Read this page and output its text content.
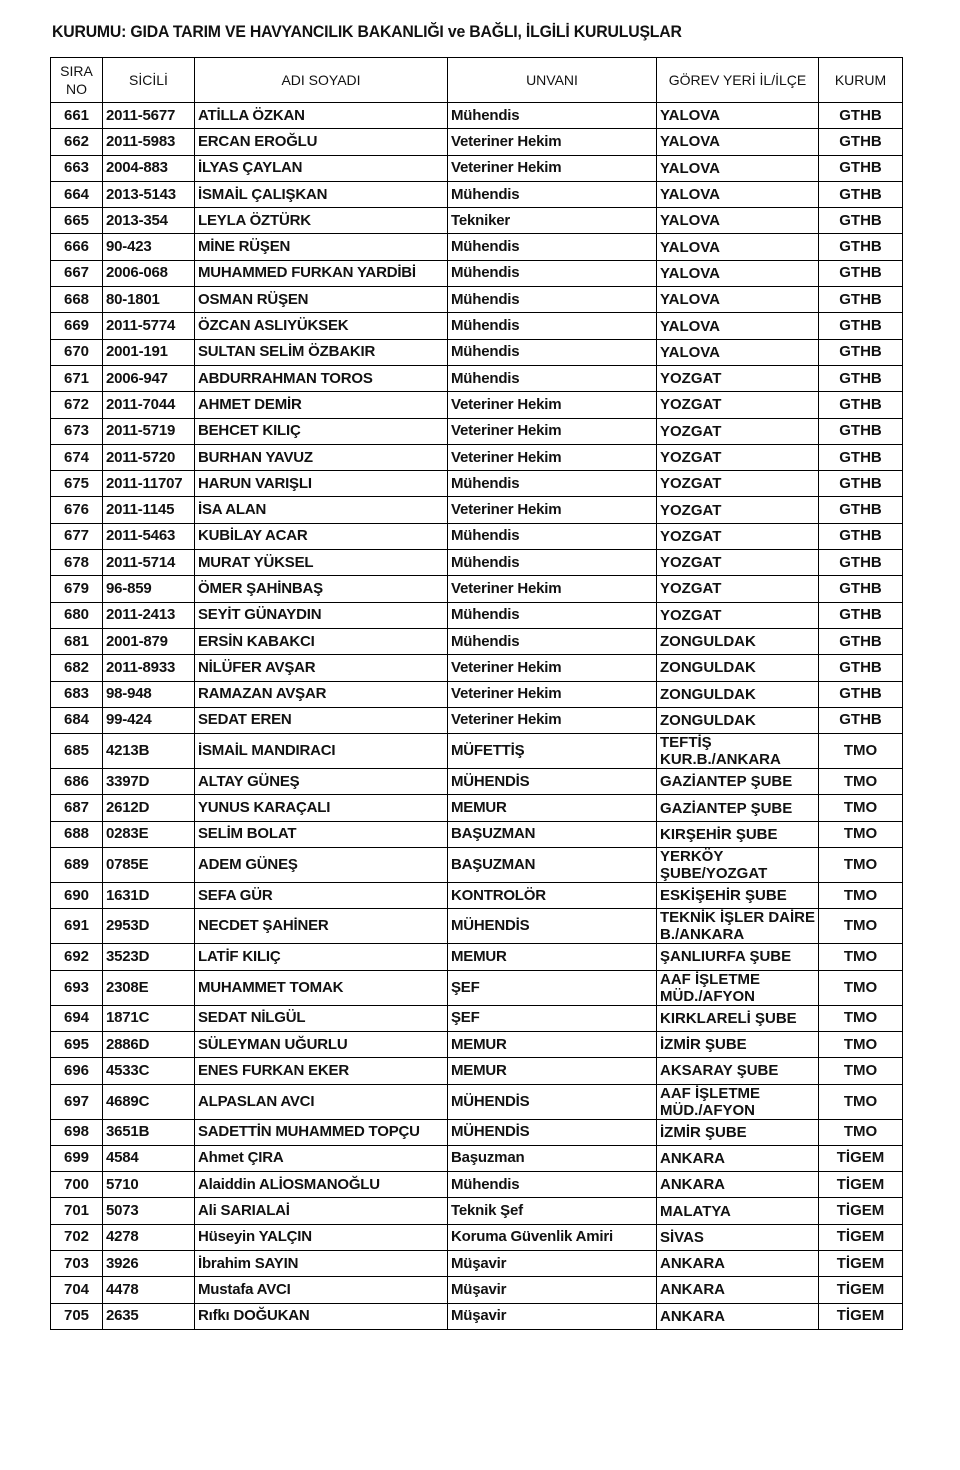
KURUMU: GIDA TARIM VE HAVYANCILIK BAKANLIĞI ve BAĞLI, İLGİLİ KURULUŞLAR
SIRA NO	SİCİLİ	ADI SOYADI	UNVANI	GÖREV YERİ İL/İLÇE	KURUM
661	2011-5677	ATİLLA ÖZKAN	Mühendis	YALOVA	GTHB
662	2011-5983	ERCAN EROĞLU	Veteriner Hekim	YALOVA	GTHB
663	2004-883	İLYAS ÇAYLAN	Veteriner Hekim	YALOVA	GTHB
664	2013-5143	İSMAİL ÇALIŞKAN	Mühendis	YALOVA	GTHB
665	2013-354	LEYLA ÖZTÜRK	Tekniker	YALOVA	GTHB
666	90-423	MİNE RÜŞEN	Mühendis	YALOVA	GTHB
667	2006-068	MUHAMMED FURKAN YARDİBİ	Mühendis	YALOVA	GTHB
668	80-1801	OSMAN RÜŞEN	Mühendis	YALOVA	GTHB
669	2011-5774	ÖZCAN ASLIYÜKSEK	Mühendis	YALOVA	GTHB
670	2001-191	SULTAN SELİM ÖZBAKIR	Mühendis	YALOVA	GTHB
671	2006-947	ABDURRAHMAN TOROS	Mühendis	YOZGAT	GTHB
672	2011-7044	AHMET DEMİR	Veteriner Hekim	YOZGAT	GTHB
673	2011-5719	BEHCET KILIÇ	Veteriner Hekim	YOZGAT	GTHB
674	2011-5720	BURHAN YAVUZ	Veteriner Hekim	YOZGAT	GTHB
675	2011-11707	HARUN VARIŞLI	Mühendis	YOZGAT	GTHB
676	2011-1145	İSA ALAN	Veteriner Hekim	YOZGAT	GTHB
677	2011-5463	KUBİLAY ACAR	Mühendis	YOZGAT	GTHB
678	2011-5714	MURAT YÜKSEL	Mühendis	YOZGAT	GTHB
679	96-859	ÖMER ŞAHİNBAŞ	Veteriner Hekim	YOZGAT	GTHB
680	2011-2413	SEYİT GÜNAYDIN	Mühendis	YOZGAT	GTHB
681	2001-879	ERSİN KABAKCI	Mühendis	ZONGULDAK	GTHB
682	2011-8933	NİLÜFER AVŞAR	Veteriner Hekim	ZONGULDAK	GTHB
683	98-948	RAMAZAN AVŞAR	Veteriner Hekim	ZONGULDAK	GTHB
684	99-424	SEDAT EREN	Veteriner Hekim	ZONGULDAK	GTHB
685	4213B	İSMAİL MANDIRACI	MÜFETTİŞ	TEFTİŞ KUR.B./ANKARA	TMO
686	3397D	ALTAY GÜNEŞ	MÜHENDİS	GAZİANTEP ŞUBE	TMO
687	2612D	YUNUS KARAÇALI	MEMUR	GAZİANTEP ŞUBE	TMO
688	0283E	SELİM BOLAT	BAŞUZMAN	KIRŞEHİR ŞUBE	TMO
689	0785E	ADEM GÜNEŞ	BAŞUZMAN	YERKÖY ŞUBE/YOZGAT	TMO
690	1631D	SEFA GÜR	KONTROLÖR	ESKİŞEHİR ŞUBE	TMO
691	2953D	NECDET ŞAHİNER	MÜHENDİS	TEKNİK İŞLER DAİRE B./ANKARA	TMO
692	3523D	LATİF KILIÇ	MEMUR	ŞANLIURFA ŞUBE	TMO
693	2308E	MUHAMMET TOMAK	ŞEF	AAF İŞLETME MÜD./AFYON	TMO
694	1871C	SEDAT NİLGÜL	ŞEF	KIRKLARELİ ŞUBE	TMO
695	2886D	SÜLEYMAN UĞURLU	MEMUR	İZMİR ŞUBE	TMO
696	4533C	ENES FURKAN EKER	MEMUR	AKSARAY ŞUBE	TMO
697	4689C	ALPASLAN AVCI	MÜHENDİS	AAF İŞLETME MÜD./AFYON	TMO
698	3651B	SADETTİN MUHAMMED TOPÇU	MÜHENDİS	İZMİR ŞUBE	TMO
699	4584	Ahmet ÇIRA	Başuzman	ANKARA	TİGEM
700	5710	Alaiddin ALİOSMANOĞLU	Mühendis	ANKARA	TİGEM
701	5073	Ali SARIALAİ	Teknik Şef	MALATYA	TİGEM
702	4278	Hüseyin YALÇIN	Koruma Güvenlik Amiri	SİVAS	TİGEM
703	3926	İbrahim SAYIN	Müşavir	ANKARA	TİGEM
704	4478	Mustafa AVCI	Müşavir	ANKARA	TİGEM
705	2635	Rıfkı DOĞUKAN	Müşavir	ANKARA	TİGEM
